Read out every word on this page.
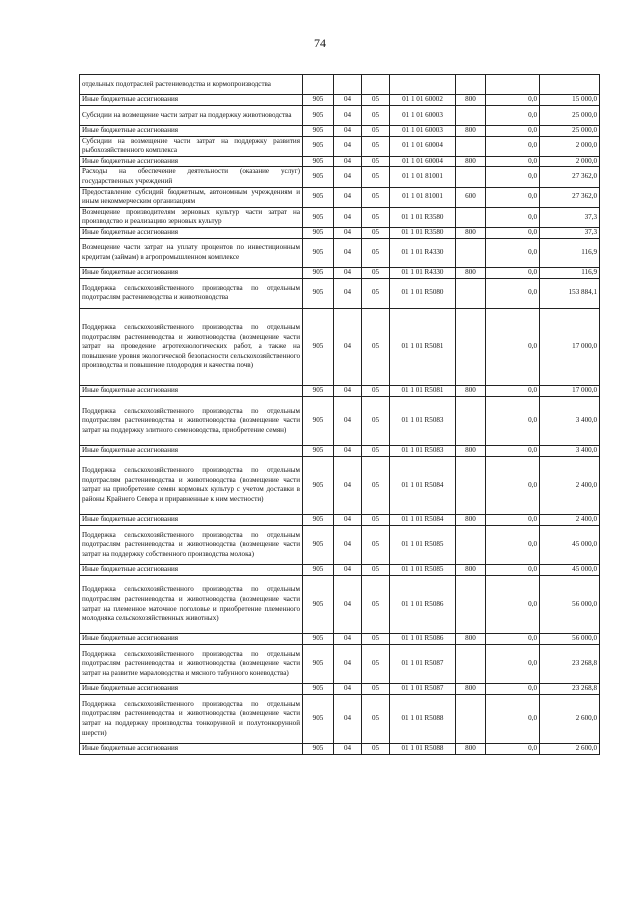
74
отдельных подотраслей растениеводства и кормопроизводства							
Иные бюджетные ассигнования	905	04	05	01 1 01 60002	800	0,0	15 000,0
Субсидии на возмещение части затрат на поддержку животноводства	905	04	05	01 1 01 60003		0,0	25 000,0
Иные бюджетные ассигнования	905	04	05	01 1 01 60003	800	0,0	25 000,0
Субсидии на возмещение части затрат на поддержку развития рыбохозяйственного комплекса	905	04	05	01 1 01 60004		0,0	2 000,0
Иные бюджетные ассигнования	905	04	05	01 1 01 60004	800	0,0	2 000,0
Расходы на обеспечение деятельности (оказание услуг) государственных учреждений	905	04	05	01 1 01 81001		0,0	27 362,0
Предоставление субсидий бюджетным, автономным учреждениям и иным некоммерческим организациям	905	04	05	01 1 01 81001	600	0,0	27 362,0
Возмещение производителям зерновых культур части затрат на производство и реализацию зерновых культур	905	04	05	01 1 01 R3580		0,0	37,3
Иные бюджетные ассигнования	905	04	05	01 1 01 R3580	800	0,0	37,3
Возмещение части затрат на уплату процентов по инвестиционным кредитам (займам) в агропромышленном комплексе	905	04	05	01 1 01 R4330		0,0	116,9
Иные бюджетные ассигнования	905	04	05	01 1 01 R4330	800	0,0	116,9
Поддержка сельскохозяйственного производства по отдельным подотраслям растениеводства и животноводства	905	04	05	01 1 01 R5080		0,0	153 884,1
Поддержка сельскохозяйственного производства по отдельным подотраслям растениеводства и животноводства (возмещение части затрат на проведение агротехнологических работ, а также на повышение уровня экологической безопасности сельскохозяйственного производства и повышение плодородия и качества почв)	905	04	05	01 1 01 R5081		0,0	17 000,0
Иные бюджетные ассигнования	905	04	05	01 1 01 R5081	800	0,0	17 000,0
Поддержка сельскохозяйственного производства по отдельным подотраслям растениеводства и животноводства (возмещение части затрат на поддержку элитного семеноводства, приобретение семян)	905	04	05	01 1 01 R5083		0,0	3 400,0
Иные бюджетные ассигнования	905	04	05	01 1 01 R5083	800	0,0	3 400,0
Поддержка сельскохозяйственного производства по отдельным подотраслям растениеводства и животноводства (возмещение части затрат на приобретение семян кормовых культур с учетом доставки в районы Крайнего Севера и приравненные к ним местности)	905	04	05	01 1 01 R5084		0,0	2 400,0
Иные бюджетные ассигнования	905	04	05	01 1 01 R5084	800	0,0	2 400,0
Поддержка сельскохозяйственного производства по отдельным подотраслям растениеводства и животноводства (возмещение части затрат на поддержку собственного производства молока)	905	04	05	01 1 01 R5085		0,0	45 000,0
Иные бюджетные ассигнования	905	04	05	01 1 01 R5085	800	0,0	45 000,0
Поддержка сельскохозяйственного производства по отдельным подотраслям растениеводства и животноводства (возмещение части затрат на племенное маточное поголовье и приобретение племенного молодняка сельскохозяйственных животных)	905	04	05	01 1 01 R5086		0,0	56 000,0
Иные бюджетные ассигнования	905	04	05	01 1 01 R5086	800	0,0	56 000,0
Поддержка сельскохозяйственного производства по отдельным подотраслям растениеводства и животноводства (возмещение части затрат на развитие мараловодства и мясного табунного коневодства)	905	04	05	01 1 01 R5087		0,0	23 268,8
Иные бюджетные ассигнования	905	04	05	01 1 01 R5087	800	0,0	23 268,8
Поддержка сельскохозяйственного производства по отдельным подотраслям растениеводства и животноводства (возмещение части затрат на поддержку производства тонкорунной и полутонкорунной шерсти)	905	04	05	01 1 01 R5088		0,0	2 600,0
Иные бюджетные ассигнования	905	04	05	01 1 01 R5088	800	0,0	2 600,0
